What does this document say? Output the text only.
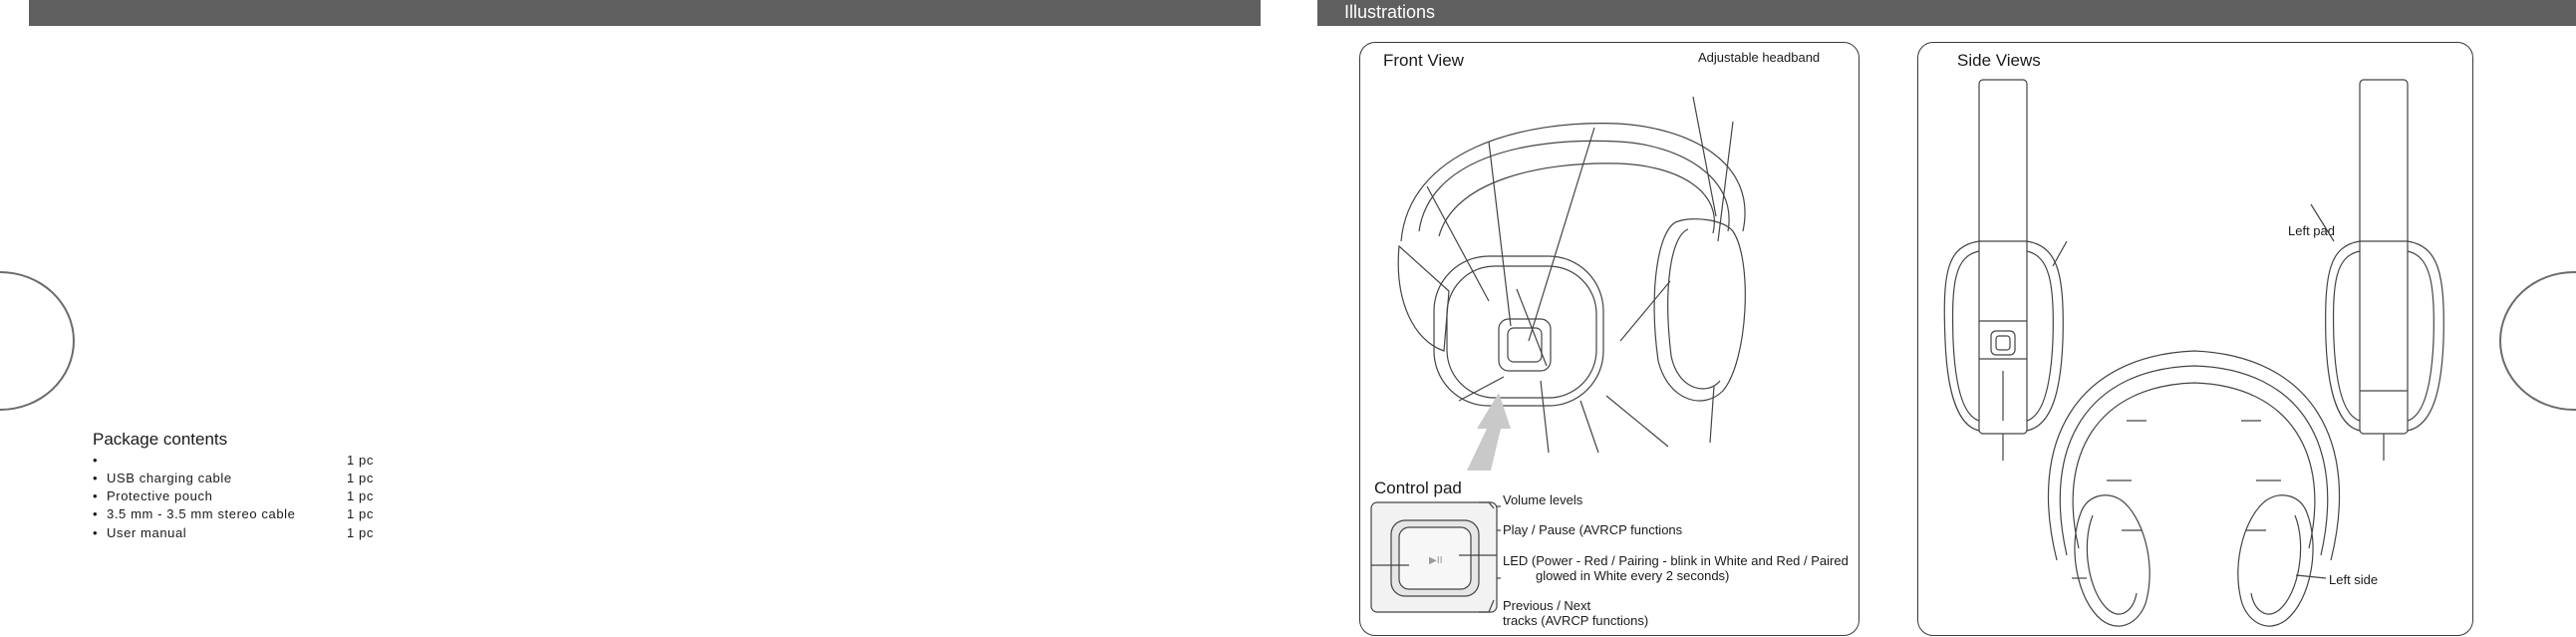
Illustrations
Package contents
•	1 pc
• USB charging cable	1 pc
• Protective pouch	1 pc
• 3.5 mm - 3.5 mm stereo cable	1 pc
• User manual	1 pc
Front View	Adjustable headband
▶II
Control pad
Volume levels
Play / Pause (AVRCP functions
LED (Power - Red / Pairing - blink in White and Red / Paired
glowed in White every 2 seconds)
Previous / Next
tracks (AVRCP functions)
Side Views
Left pad
Left side
